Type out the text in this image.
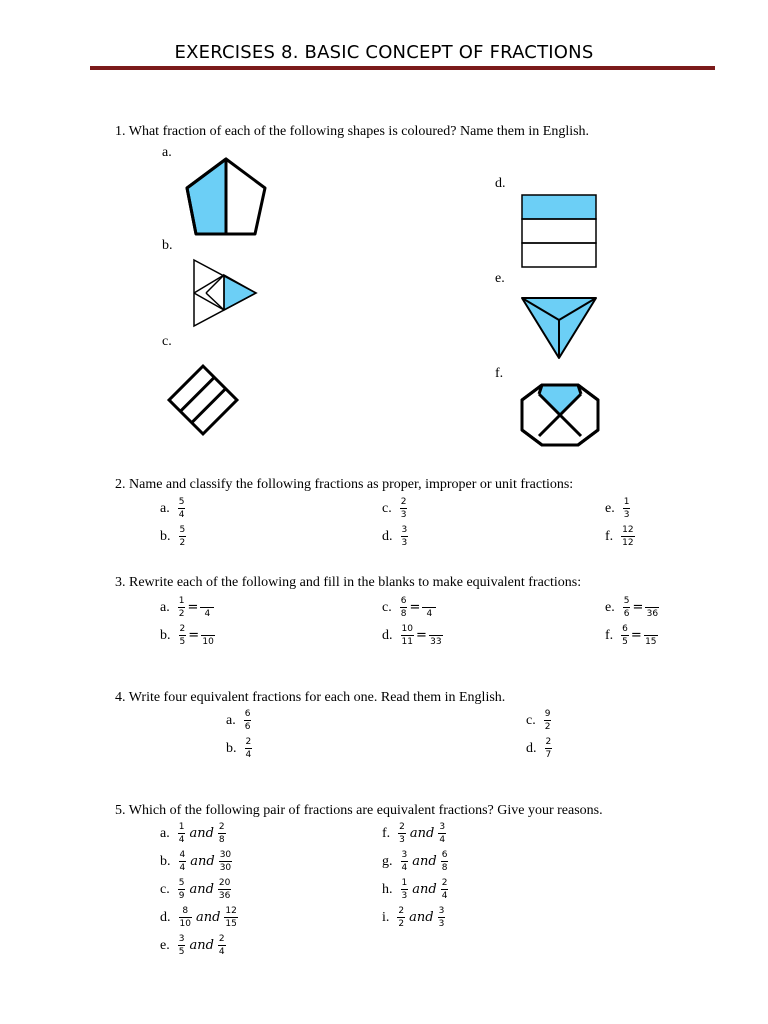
EXERCISES 8. BASIC CONCEPT OF FRACTIONS
1. What fraction of each of the following shapes is coloured? Name them in English.
a.
b.
c.
d.
e.
f.
2. Name and classify the following fractions as proper, improper or unit fractions:
a. $\frac{5}{4}$
b. $\frac{5}{2}$
c. $\frac{2}{3}$
d. $\frac{3}{3}$
e. $\frac{1}{3}$
f. $\frac{12}{12}$
3. Rewrite each of the following and fill in the blanks to make equivalent fractions:
a. $\frac{1}{2} = 4$
b. $\frac{2}{5} = 10$
c. $\frac{6}{8} = 4$
d. $\frac{10}{11} = 33$
e. $\frac{5}{6} = 36$
f. $\frac{6}{5} = 15$
4. Write four equivalent fractions for each one. Read them in English.
a. $\frac{6}{6}$
b. $\frac{2}{4}$
c. $\frac{9}{2}$
d. $\frac{2}{7}$
5. Which of the following pair of fractions are equivalent fractions? Give your reasons.
a. $\frac{1}{4}$ and $\frac{2}{8}$
b. $\frac{4}{4}$ and $\frac{30}{30}$
c. $\frac{5}{9}$ and $\frac{20}{36}$
d. $\frac{8}{10}$ and $\frac{12}{15}$
e. $\frac{3}{5}$ and $\frac{2}{4}$
f. $\frac{2}{3}$ and $\frac{3}{4}$
g. $\frac{3}{4}$ and $\frac{6}{8}$
h. $\frac{1}{3}$ and $\frac{2}{4}$
i. $\frac{2}{2}$ and $\frac{3}{3}$
